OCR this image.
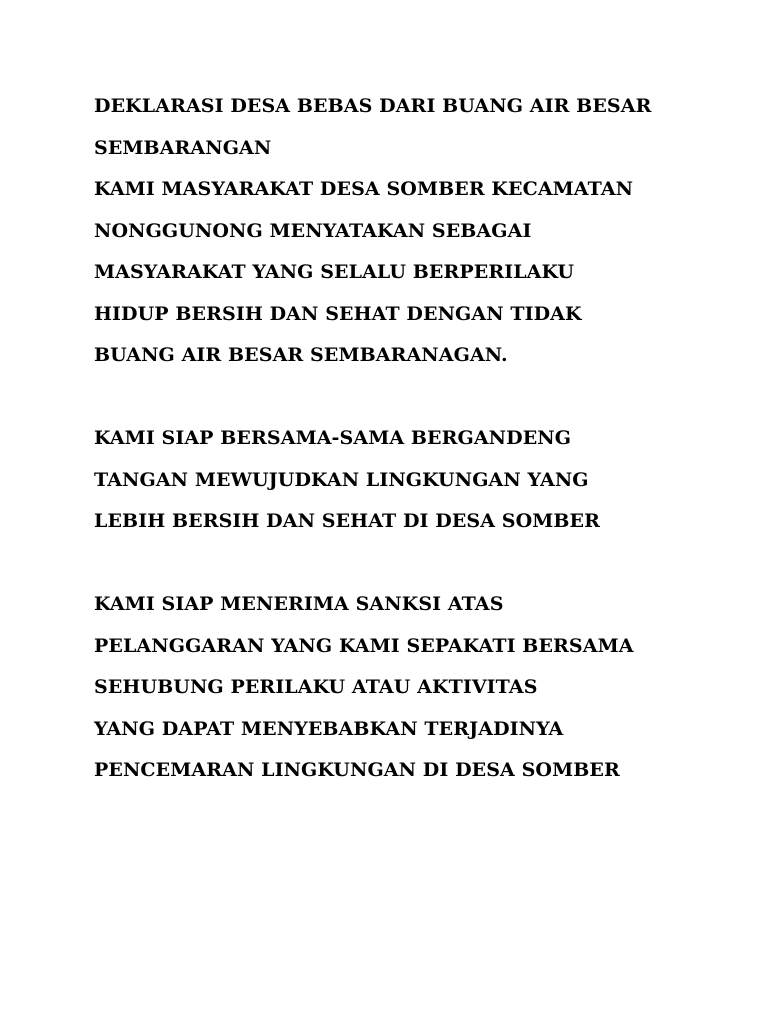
DEKLARASI DESA BEBAS DARI BUANG AIR BESAR
SEMBARANGAN
KAMI MASYARAKAT DESA SOMBER KECAMATAN
NONGGUNONG MENYATAKAN SEBAGAI
MASYARAKAT YANG SELALU BERPERILAKU
HIDUP BERSIH DAN SEHAT DENGAN TIDAK
BUANG AIR BESAR SEMBARANAGAN.
KAMI SIAP BERSAMA-SAMA BERGANDENG
TANGAN MEWUJUDKAN LINGKUNGAN YANG
LEBIH BERSIH DAN SEHAT DI DESA SOMBER
KAMI SIAP MENERIMA SANKSI ATAS
PELANGGARAN YANG KAMI SEPAKATI BERSAMA
SEHUBUNG PERILAKU ATAU AKTIVITAS
YANG DAPAT MENYEBABKAN TERJADINYA
PENCEMARAN LINGKUNGAN DI DESA SOMBER
